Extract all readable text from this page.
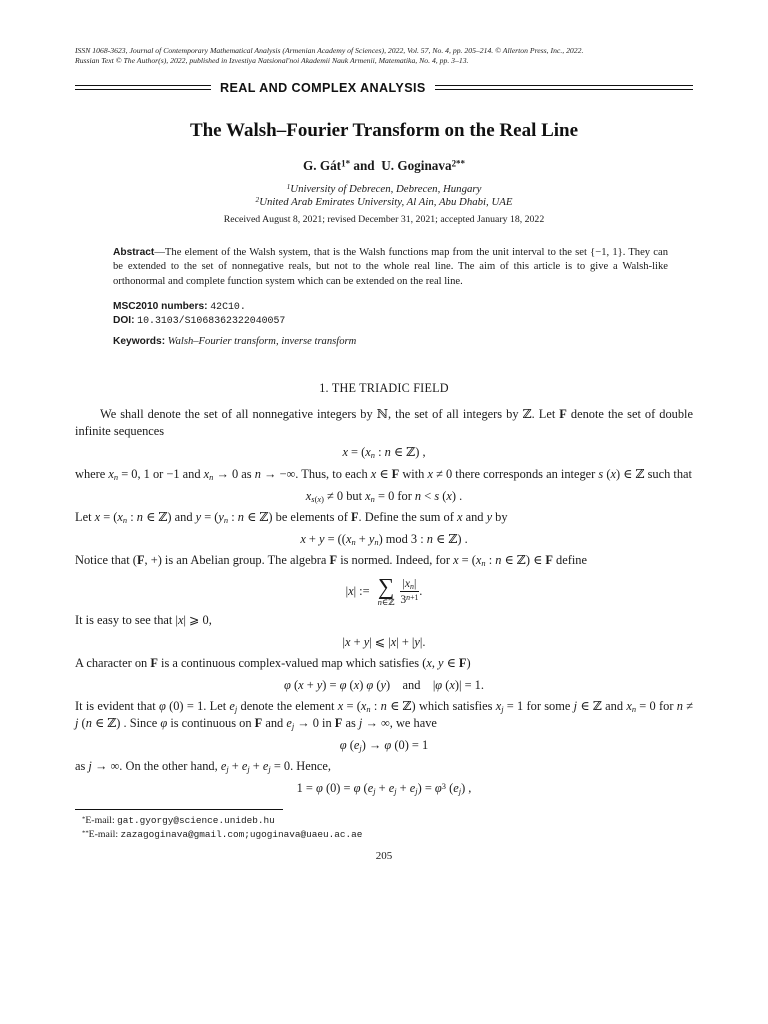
ISSN 1068-3623, Journal of Contemporary Mathematical Analysis (Armenian Academy of Sciences), 2022, Vol. 57, No. 4, pp. 205–214. © Allerton Press, Inc., 2022.
Russian Text © The Author(s), 2022, published in Izvestiya Natsional'noi Akademii Nauk Armenii, Matematika, No. 4, pp. 3–13.
REAL AND COMPLEX ANALYSIS
The Walsh–Fourier Transform on the Real Line
G. Gát$^{1*}$ and  U. Goginava$^{2**}$
$^1$University of Debrecen, Debrecen, Hungary
$^2$United Arab Emirates University, Al Ain, Abu Dhabi, UAE
Received August 8, 2021; revised December 31, 2021; accepted January 18, 2022
Abstract—The element of the Walsh system, that is the Walsh functions map from the unit interval to the set {−1, 1}. They can be extended to the set of nonnegative reals, but not to the whole real line. The aim of this article is to give a Walsh-like orthonormal and complete function system which can be extended on the real line.
MSC2010 numbers: 42C10.
DOI: 10.3103/S1068362322040057
Keywords: Walsh–Fourier transform, inverse transform
1. THE TRIADIC FIELD
We shall denote the set of all nonnegative integers by ℕ, the set of all integers by ℤ. Let F denote the set of double infinite sequences
$x = (x_n$ : n ∈ ℤ) ,
where $x_n = 0$, 1 or −1 and $x_n \to 0$ as n → −∞. Thus, to each x ∈ F with x ≠ 0 there corresponds an integer s (x) ∈ ℤ such that
$x_{s(x)} \ne 0$ but $x_n = 0$ for n < s (x) .
Let $x = (x_n$ : n ∈ ℤ) and $y = (y_n$ : n ∈ ℤ) be elements of F. Define the sum of x and y by
$x + y = ((x_n + y_n)$ mod 3 : n ∈ ℤ) .
Notice that (F, +) is an Abelian group. The algebra F is normed. Indeed, for $x = (x_n$ : n ∈ ℤ) ∈ F define
|x| := ∑
n∈ℤ $\frac{|x_n|}{3^{n+1}}$ .
It is easy to see that |x| ⩾ 0,
|x + y| ⩽ |x| + |y|.
A character on F is a continuous complex-valued map which satisfies (x, y ∈ F)
φ (x + y) = φ (x) φ (y)    and    |φ (x)| = 1.
It is evident that φ (0) = 1. Let $e_j$ denote the element $x = (x_n$ : n ∈ ℤ) which satisfies $x_j = 1$ for some j ∈ ℤ and $x_n = 0$ for n ≠ j (n ∈ ℤ) . Since φ is continuous on F and $e_j \to 0$ in F as j → ∞, we have
φ $(e_j) \to \varphi$ (0) = 1
as j → ∞. On the other hand, $e_j + e_j + e_j = 0$. Hence,
1 = φ (0) = φ $(e_j + e_j + e_j) = \varphi^3$ $(e_j)$ ,
*E-mail: gat.gyorgy@science.unideb.hu
**E-mail: zazagoginava@gmail.com;ugoginava@uaeu.ac.ae
205
